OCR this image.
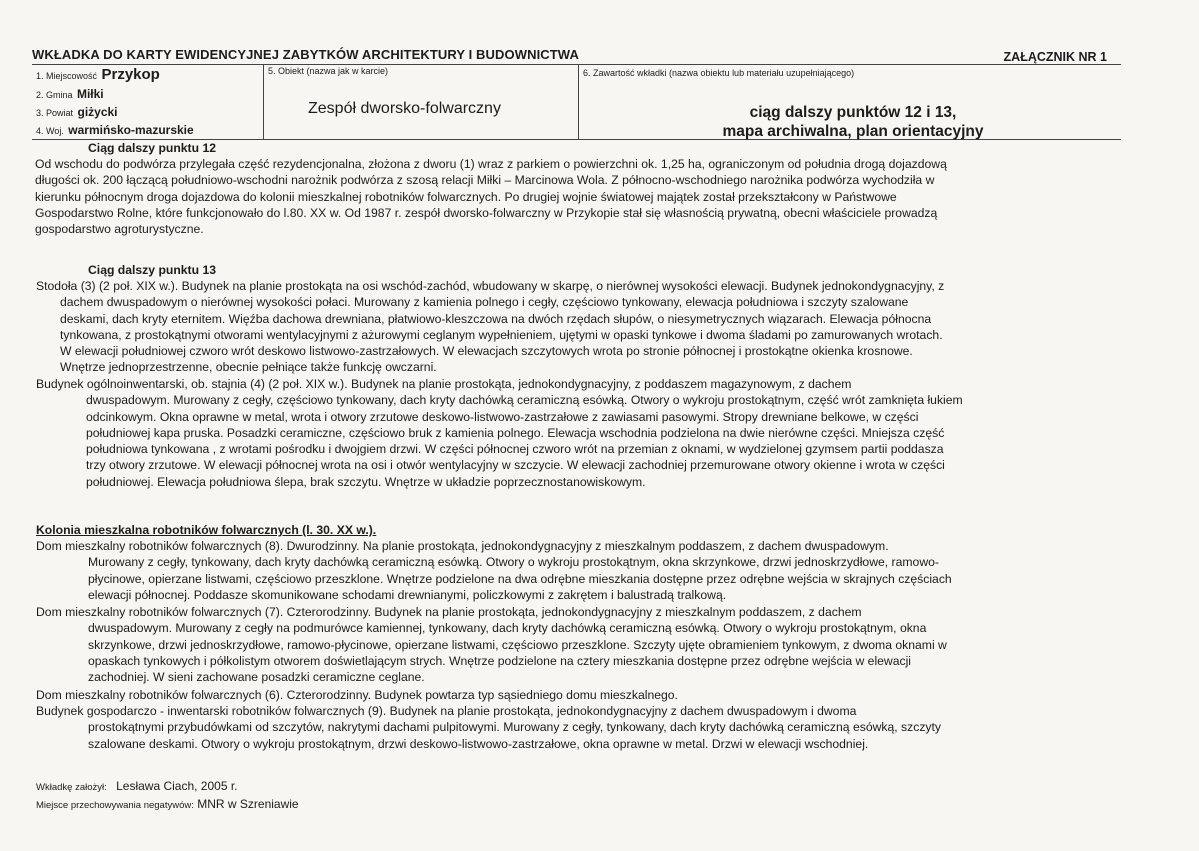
WKŁADKA DO KARTY EWIDENCYJNEJ ZABYTKÓW ARCHITEKTURY I BUDOWNICTWA	ZAŁĄCZNIK NR 1
1. Miejscowość Przykop
2. Gmina Miłki
3. Powiat giżycki
4. Woj. warmińsko-mazurskie
5. Obiekt (nazwa jak w karcie)
Zespół dworsko-folwarczny
6. Zawartość wkładki (nazwa obiektu lub materiału uzupełniającego)
ciąg dalszy punktów 12 i 13,
mapa archiwalna, plan orientacyjny
Ciąg dalszy punktu 12

Od wschodu do podwórza przylegała część rezydencjonalna, złożona z dworu (1) wraz z parkiem o powierzchni ok. 1,25 ha, ograniczonym od południa drogą dojazdową

długości ok. 200 łączącą południowo-wschodni narożnik podwórza z szosą relacji Miłki – Marcinowa Wola. Z północno-wschodniego narożnika podwórza wychodziła w

kierunku północnym droga dojazdowa do kolonii mieszkalnej robotników folwarcznych. Po drugiej wojnie światowej majątek został przekształcony w Państwowe

Gospodarstwo Rolne, które funkcjonowało do l.80. XX w. Od 1987 r. zespół dworsko-folwarczny w Przykopie stał się własnością prywatną, obecni właściciele prowadzą

gospodarstwo agroturystyczne.

Ciąg dalszy punktu 13

Stodoła (3) (2 poł. XIX w.). Budynek na planie prostokąta na osi wschód-zachód, wbudowany w skarpę, o nierównej wysokości elewacji. Budynek jednokondygnacyjny, z

dachem dwuspadowym o nierównej wysokości połaci. Murowany z kamienia polnego i cegły, częściowo tynkowany, elewacja południowa i szczyty szalowane

deskami, dach kryty eternitem. Więźba dachowa drewniana, płatwiowo-kleszczowa na dwóch rzędach słupów, o niesymetrycznych wiązarach. Elewacja północna

tynkowana, z prostokątnymi otworami wentylacyjnymi z ażurowymi ceglanym wypełnieniem, ujętymi w opaski tynkowe i dwoma śladami po zamurowanych wrotach.

W elewacji południowej czworo wrót deskowo listwowo-zastrzałowych. W elewacjach szczytowych wrota po stronie północnej i prostokątne okienka krosnowe.

Wnętrze jednoprzestrzenne, obecnie pełniące także funkcję owczarni.

Budynek ogólnoinwentarski, ob. stajnia (4) (2 poł. XIX w.). Budynek na planie prostokąta, jednokondygnacyjny, z poddaszem magazynowym, z dachem

dwuspadowym. Murowany z cegły, częściowo tynkowany, dach kryty dachówką ceramiczną esówką. Otwory o wykroju prostokątnym, część wrót zamknięta łukiem

odcinkowym. Okna oprawne w metal, wrota i otwory zrzutowe deskowo-listwowo-zastrzałowe z zawiasami pasowymi. Stropy drewniane belkowe, w części

południowej kapa pruska. Posadzki ceramiczne, częściowo bruk z kamienia polnego. Elewacja wschodnia podzielona na dwie nierówne części. Mniejsza część

południowa tynkowana , z wrotami pośrodku i dwojgiem drzwi. W części północnej czworo wrót na przemian z oknami, w wydzielonej gzymsem partii poddasza

trzy otwory zrzutowe. W elewacji północnej wrota na osi i otwór wentylacyjny w szczycie. W elewacji zachodniej przemurowane otwory okienne i wrota w części

południowej. Elewacja południowa ślepa, brak szczytu. Wnętrze w układzie poprzecznostanowiskowym.

Kolonia mieszkalna robotników folwarcznych (l. 30. XX w.).

Dom mieszkalny robotników folwarcznych (8). Dwurodzinny. Na planie prostokąta, jednokondygnacyjny z mieszkalnym poddaszem, z dachem dwuspadowym.

Murowany z cegły, tynkowany, dach kryty dachówką ceramiczną esówką. Otwory o wykroju prostokątnym, okna skrzynkowe, drzwi jednoskrzydłowe, ramowo-

płycinowe, opierzane listwami, częściowo przeszklone. Wnętrze podzielone na dwa odrębne mieszkania dostępne przez odrębne wejścia w skrajnych częściach

elewacji północnej. Poddasze skomunikowane schodami drewnianymi, policzkowymi z zakrętem i balustradą tralkową.

Dom mieszkalny robotników folwarcznych (7). Czterorodzinny. Budynek na planie prostokąta, jednokondygnacyjny z mieszkalnym poddaszem, z dachem

dwuspadowym. Murowany z cegły na podmurówce kamiennej, tynkowany, dach kryty dachówką ceramiczną esówką. Otwory o wykroju prostokątnym, okna

skrzynkowe, drzwi jednoskrzydłowe, ramowo-płycinowe, opierzane listwami, częściowo przeszklone. Szczyty ujęte obramieniem tynkowym, z dwoma oknami w

opaskach tynkowych i półkolistym otworem doświetlającym strych. Wnętrze podzielone na cztery mieszkania dostępne przez odrębne wejścia w elewacji

zachodniej. W sieni zachowane posadzki ceramiczne ceglane.

Dom mieszkalny robotników folwarcznych (6). Czterorodzinny. Budynek powtarza typ sąsiedniego domu mieszkalnego.

Budynek gospodarczo - inwentarski robotników folwarcznych (9). Budynek na planie prostokąta, jednokondygnacyjny z dachem dwuspadowym i dwoma

prostokątnymi przybudówkami od szczytów, nakrytymi dachami pulpitowymi. Murowany z cegły, tynkowany, dach kryty dachówką ceramiczną esówką, szczyty

szalowane deskami. Otwory o wykroju prostokątnym, drzwi deskowo-listwowo-zastrzałowe, okna oprawne w metal. Drzwi w elewacji wschodniej.

Wkładkę założył: Lesława Ciach, 2005 r.
Miejsce przechowywania negatywów: MNR w Szreniawie
